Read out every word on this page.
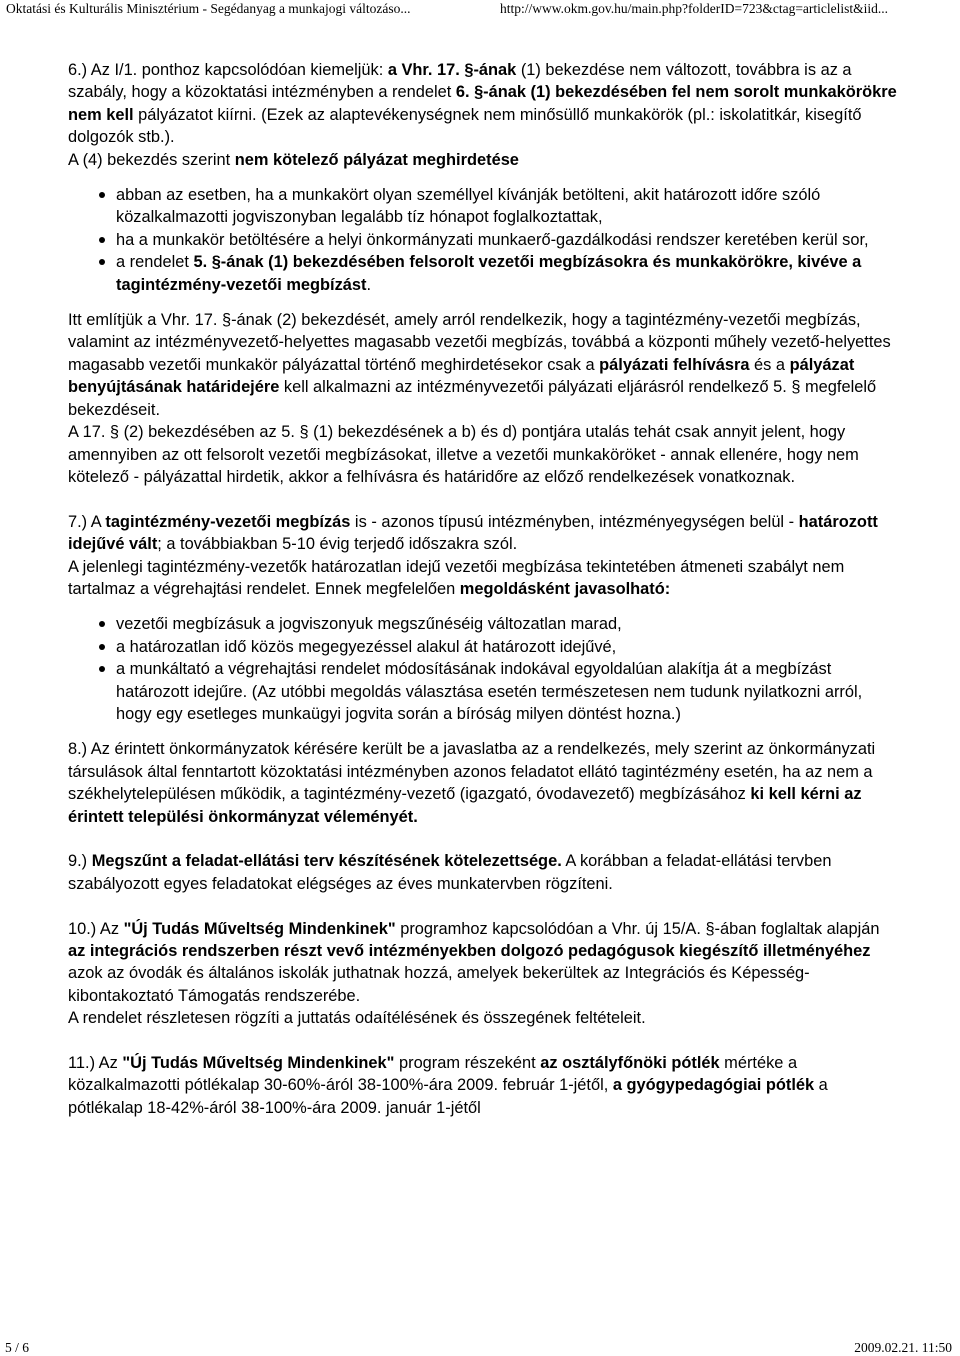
Oktatási és Kulturális Minisztérium - Segédanyag a munkajogi változáso...	http://www.okm.gov.hu/main.php?folderID=723&ctag=articlelist&iid...

6.) Az I/1. ponthoz kapcsolódóan kiemeljük: a Vhr. 17. §-ának (1) bekezdése nem változott, továbbra is az a szabály, hogy a közoktatási intézményben a rendelet 6. §-ának (1) bekezdésében fel nem sorolt munkakörökre nem kell pályázatot kiírni. (Ezek az alaptevékenységnek nem minősüllő munkakörök (pl.: iskolatitkár, kisegítő dolgozók stb.).

A (4) bekezdés szerint nem kötelező pályázat meghirdetése

abban az esetben, ha a munkakört olyan személlyel kívánják betölteni, akit határozott időre szóló közalkalmazotti jogviszonyban legalább tíz hónapot foglalkoztattak,
ha a munkakör betöltésére a helyi önkormányzati munkaerő-gazdálkodási rendszer keretében kerül sor,
a rendelet 5. §-ának (1) bekezdésében felsorolt vezetői megbízásokra és munkakörökre, kivéve a tagintézmény-vezetői megbízást.

Itt említjük a Vhr. 17. §-ának (2) bekezdését, amely arról rendelkezik, hogy a tagintézmény-vezetői megbízás, valamint az intézményvezető-helyettes magasabb vezetői megbízás, továbbá a központi műhely vezető-helyettes magasabb vezetői munkakör pályázattal történő meghirdetésekor csak a pályázati felhívásra és a pályázat benyújtásának határidejére kell alkalmazni az intézményvezetői pályázati eljárásról rendelkező 5. § megfelelő bekezdéseit.

A 17. § (2) bekezdésében az 5. § (1) bekezdésének a b) és d) pontjára utalás tehát csak annyit jelent, hogy amennyiben az ott felsorolt vezetői megbízásokat, illetve a vezetői munkaköröket - annak ellenére, hogy nem kötelező - pályázattal hirdetik, akkor a felhívásra és határidőre az előző rendelkezések vonatkoznak.

7.) A tagintézmény-vezetői megbízás is - azonos típusú intézményben, intézményegységen belül - határozott idejűvé vált; a továbbiakban 5-10 évig terjedő időszakra szól.

A jelenlegi tagintézmény-vezetők határozatlan idejű vezetői megbízása tekintetében átmeneti szabályt nem tartalmaz a végrehajtási rendelet. Ennek megfelelően megoldásként javasolható:

vezetői megbízásuk a jogviszonyuk megszűnéséig változatlan marad,
a határozatlan idő közös megegyezéssel alakul át határozott idejűvé,
a munkáltató a végrehajtási rendelet módosításának indokával egyoldalúan alakítja át a megbízást határozott idejűre. (Az utóbbi megoldás választása esetén természetesen nem tudunk nyilatkozni arról, hogy egy esetleges munkaügyi jogvita során a bíróság milyen döntést hozna.)

8.) Az érintett önkormányzatok kérésére került be a javaslatba az a rendelkezés, mely szerint az önkormányzati társulások által fenntartott közoktatási intézményben azonos feladatot ellátó tagintézmény esetén, ha az nem a székhelytelepülésen működik, a tagintézmény-vezető (igazgató, óvodavezető) megbízásához ki kell kérni az érintett települési önkormányzat véleményét.

9.) Megszűnt a feladat-ellátási terv készítésének kötelezettsége. A korábban a feladat-ellátási tervben szabályozott egyes feladatokat elégséges az éves munkatervben rögzíteni.

10.) Az "Új Tudás Műveltség Mindenkinek" programhoz kapcsolódóan a Vhr. új 15/A. §-ában foglaltak alapján az integrációs rendszerben részt vevő intézményekben dolgozó pedagógusok kiegészítő illetményéhez azok az óvodák és általános iskolák juthatnak hozzá, amelyek bekerültek az Integrációs és Képesség-kibontakoztató Támogatás rendszerébe.

A rendelet részletesen rögzíti a juttatás odaítélésének és összegének feltételeit.

11.) Az "Új Tudás Műveltség Mindenkinek" program részeként az osztályfőnöki pótlék mértéke a közalkalmazotti pótlékalap 30-60%-áról 38-100%-ára 2009. február 1-jétől, a gyógypedagógiai pótlék a pótlékalap 18-42%-áról 38-100%-ára 2009. január 1-jétől

5 / 6	2009.02.21. 11:50
